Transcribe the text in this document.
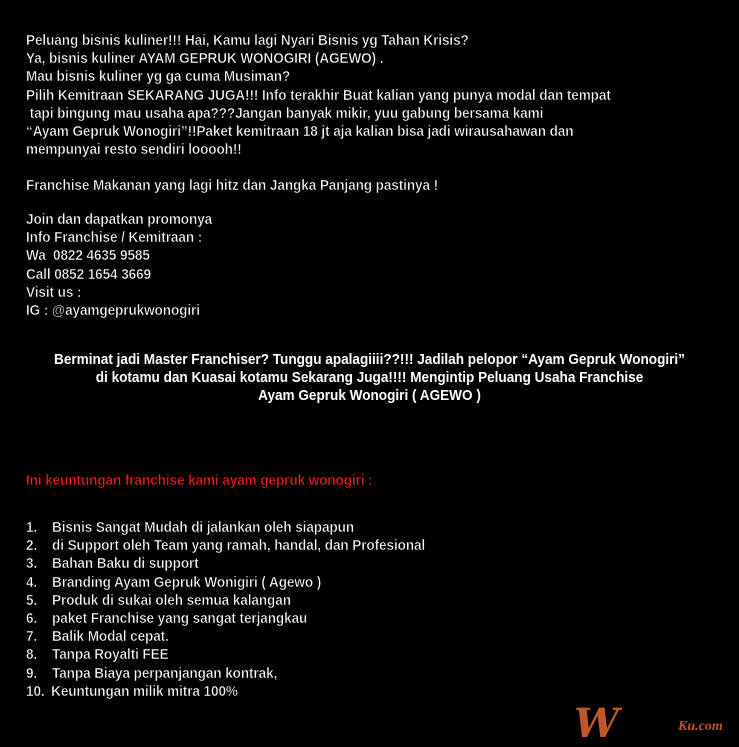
Peluang bisnis kuliner!!! Hai, Kamu lagi Nyari Bisnis yg Tahan Krisis?
Ya, bisnis kuliner AYAM GEPRUK WONOGIRI (AGEWO) .
Mau bisnis kuliner yg ga cuma Musiman?
Pilih Kemitraan SEKARANG JUGA!!! Info terakhir Buat kalian yang punya modal dan tempat
tapi bingung mau usaha apa???Jangan banyak mikir, yuu gabung bersama kami
“Ayam Gepruk Wonogiri”!!Paket kemitraan 18 jt aja kalian bisa jadi wirausahawan dan
mempunyai resto sendiri looooh!!
Franchise Makanan yang lagi hitz dan Jangka Panjang pastinya !
Join dan dapatkan promonya
Info Franchise / Kemitraan :
Wa  0822 4635 9585
Call 0852 1654 3669
Visit us :
IG : @ayamgeprukwonogiri
Berminat jadi Master Franchiser? Tunggu apalagiiii??!!! Jadilah pelopor “Ayam Gepruk Wonogiri”
di kotamu dan Kuasai kotamu Sekarang Juga!!!! Mengintip Peluang Usaha Franchise
Ayam Gepruk Wonogiri ( AGEWO )
Ini keuntungan franchise kami ayam gepruk wonogiri :
1. Bisnis Sangat Mudah di jalankan oleh siapapun
2. di Support oleh Team yang ramah, handal, dan Profesional
3. Bahan Baku di support
4. Branding Ayam Gepruk Wonigiri ( Agewo )
5. Produk di sukai oleh semua kalangan
6. paket Franchise yang sangat terjangkau
7. Balik Modal cepat.
8. Tanpa Royalti FEE
9. Tanpa Biaya perpanjangan kontrak,
10. Keuntungan milik mitra 100%
W	Ku.com
